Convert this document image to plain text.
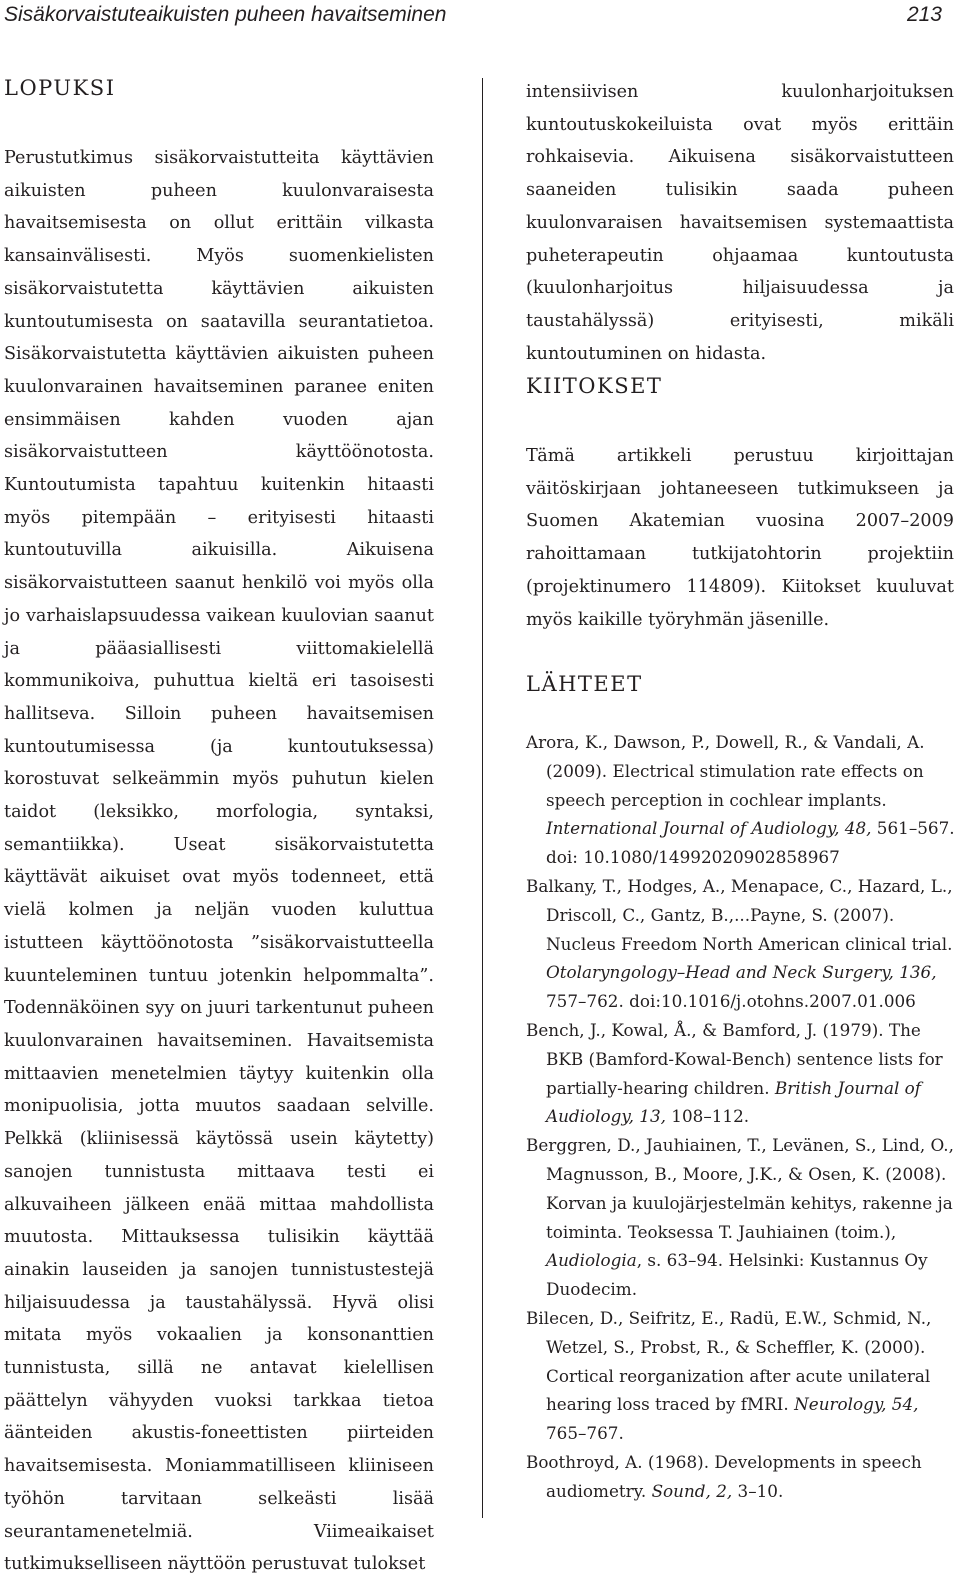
Sisäkorvaistuteaikuisten puheen havaitseminen	213
LOPUKSI

Perustutkimus sisäkorvaistutteita käyttävien aikuisten puheen kuulonvaraisesta havaitsemisesta on ollut erittäin vilkasta kansainvälisesti. Myös suomenkielisten sisäkorvaistutetta käyttävien aikuisten kuntoutumisesta on saatavilla seurantatietoa. Sisäkorvaistutetta käyttävien aikuisten puheen kuulonvarainen havaitseminen paranee eniten ensimmäisen kahden vuoden ajan sisäkorvaistutteen käyttöönotosta. Kuntoutumista tapahtuu kuitenkin hitaasti myös pitempään – erityisesti hitaasti kuntoutuvilla aikuisilla. Aikuisena sisäkorvaistutteen saanut henkilö voi myös olla jo varhaislapsuudessa vaikean kuulovian saanut ja pääasiallisesti viittomakielellä kommunikoiva, puhuttua kieltä eri tasoisesti hallitseva. Silloin puheen havaitsemisen kuntoutumisessa (ja kuntoutuksessa) korostuvat selkeämmin myös puhutun kielen taidot (leksikko, morfologia, syntaksi, semantiikka). Useat sisäkorvaistutetta käyttävät aikuiset ovat myös todenneet, että vielä kolmen ja neljän vuoden kuluttua istutteen käyttöönotosta ”sisäkorvaistutteella kuunteleminen tuntuu jotenkin helpommalta”. Todennäköinen syy on juuri tarkentunut puheen kuulonvarainen havaitseminen. Havaitsemista mittaavien menetelmien täytyy kuitenkin olla monipuolisia, jotta muutos saadaan selville. Pelkkä (kliinisessä käytössä usein käytetty) sanojen tunnistusta mittaava testi ei alkuvaiheen jälkeen enää mittaa mahdollista muutosta. Mittauksessa tulisikin käyttää ainakin lauseiden ja sanojen tunnistustestejä hiljaisuudessa ja taustahälyssä. Hyvä olisi mitata myös vokaalien ja konsonanttien tunnistusta, sillä ne antavat kielellisen päättelyn vähyyden vuoksi tarkkaa tietoa äänteiden akustis-foneettisten piirteiden havaitsemisesta. Moniammatilliseen kliiniseen työhön tarvitaan selkeästi lisää seurantamenetelmiä. Viimeaikaiset tutkimukselliseen näyttöön perustuvat tulokset

intensiivisen kuulonharjoituksen kuntoutuskokeiluista ovat myös erittäin rohkaisevia. Aikuisena sisäkorvaistutteen saaneiden tulisikin saada puheen kuulonvaraisen havaitsemisen systemaattista puheterapeutin ohjaamaa kuntoutusta (kuulonharjoitus hiljaisuudessa ja taustahälyssä) erityisesti, mikäli kuntoutuminen on hidasta.

KIITOKSET

Tämä artikkeli perustuu kirjoittajan väitöskirjaan johtaneeseen tutkimukseen ja Suomen Akatemian vuosina 2007–2009 rahoittamaan tutkijatohtorin projektiin (projektinumero 114809). Kiitokset kuuluvat myös kaikille työryhmän jäsenille.

LÄHTEET
Arora, K., Dawson, P., Dowell, R., & Vandali, A. (2009). Electrical stimulation rate effects on speech perception in cochlear implants. International Journal of Audiology, 48, 561–567. doi: 10.1080/14992020902858967
Balkany, T., Hodges, A., Menapace, C., Hazard, L., Driscoll, C., Gantz, B.,...Payne, S. (2007). Nucleus Freedom North American clinical trial. Otolaryngology–Head and Neck Surgery, 136, 757–762. doi:10.1016/j.otohns.2007.01.006
Bench, J., Kowal, Å., & Bamford, J. (1979). The BKB (Bamford-Kowal-Bench) sentence lists for partially-hearing children. British Journal of Audiology, 13, 108–112.
Berggren, D., Jauhiainen, T., Levänen, S., Lind, O., Magnusson, B., Moore, J.K., & Osen, K. (2008). Korvan ja kuulojärjestelmän kehitys, rakenne ja toiminta. Teoksessa T. Jauhiainen (toim.), Audiologia, s. 63–94. Helsinki: Kustannus Oy Duodecim.
Bilecen, D., Seifritz, E., Radü, E.W., Schmid, N., Wetzel, S., Probst, R., & Scheffler, K. (2000). Cortical reorganization after acute unilateral hearing loss traced by fMRI. Neurology, 54, 765–767.
Boothroyd, A. (1968). Developments in speech audiometry. Sound, 2, 3–10.
